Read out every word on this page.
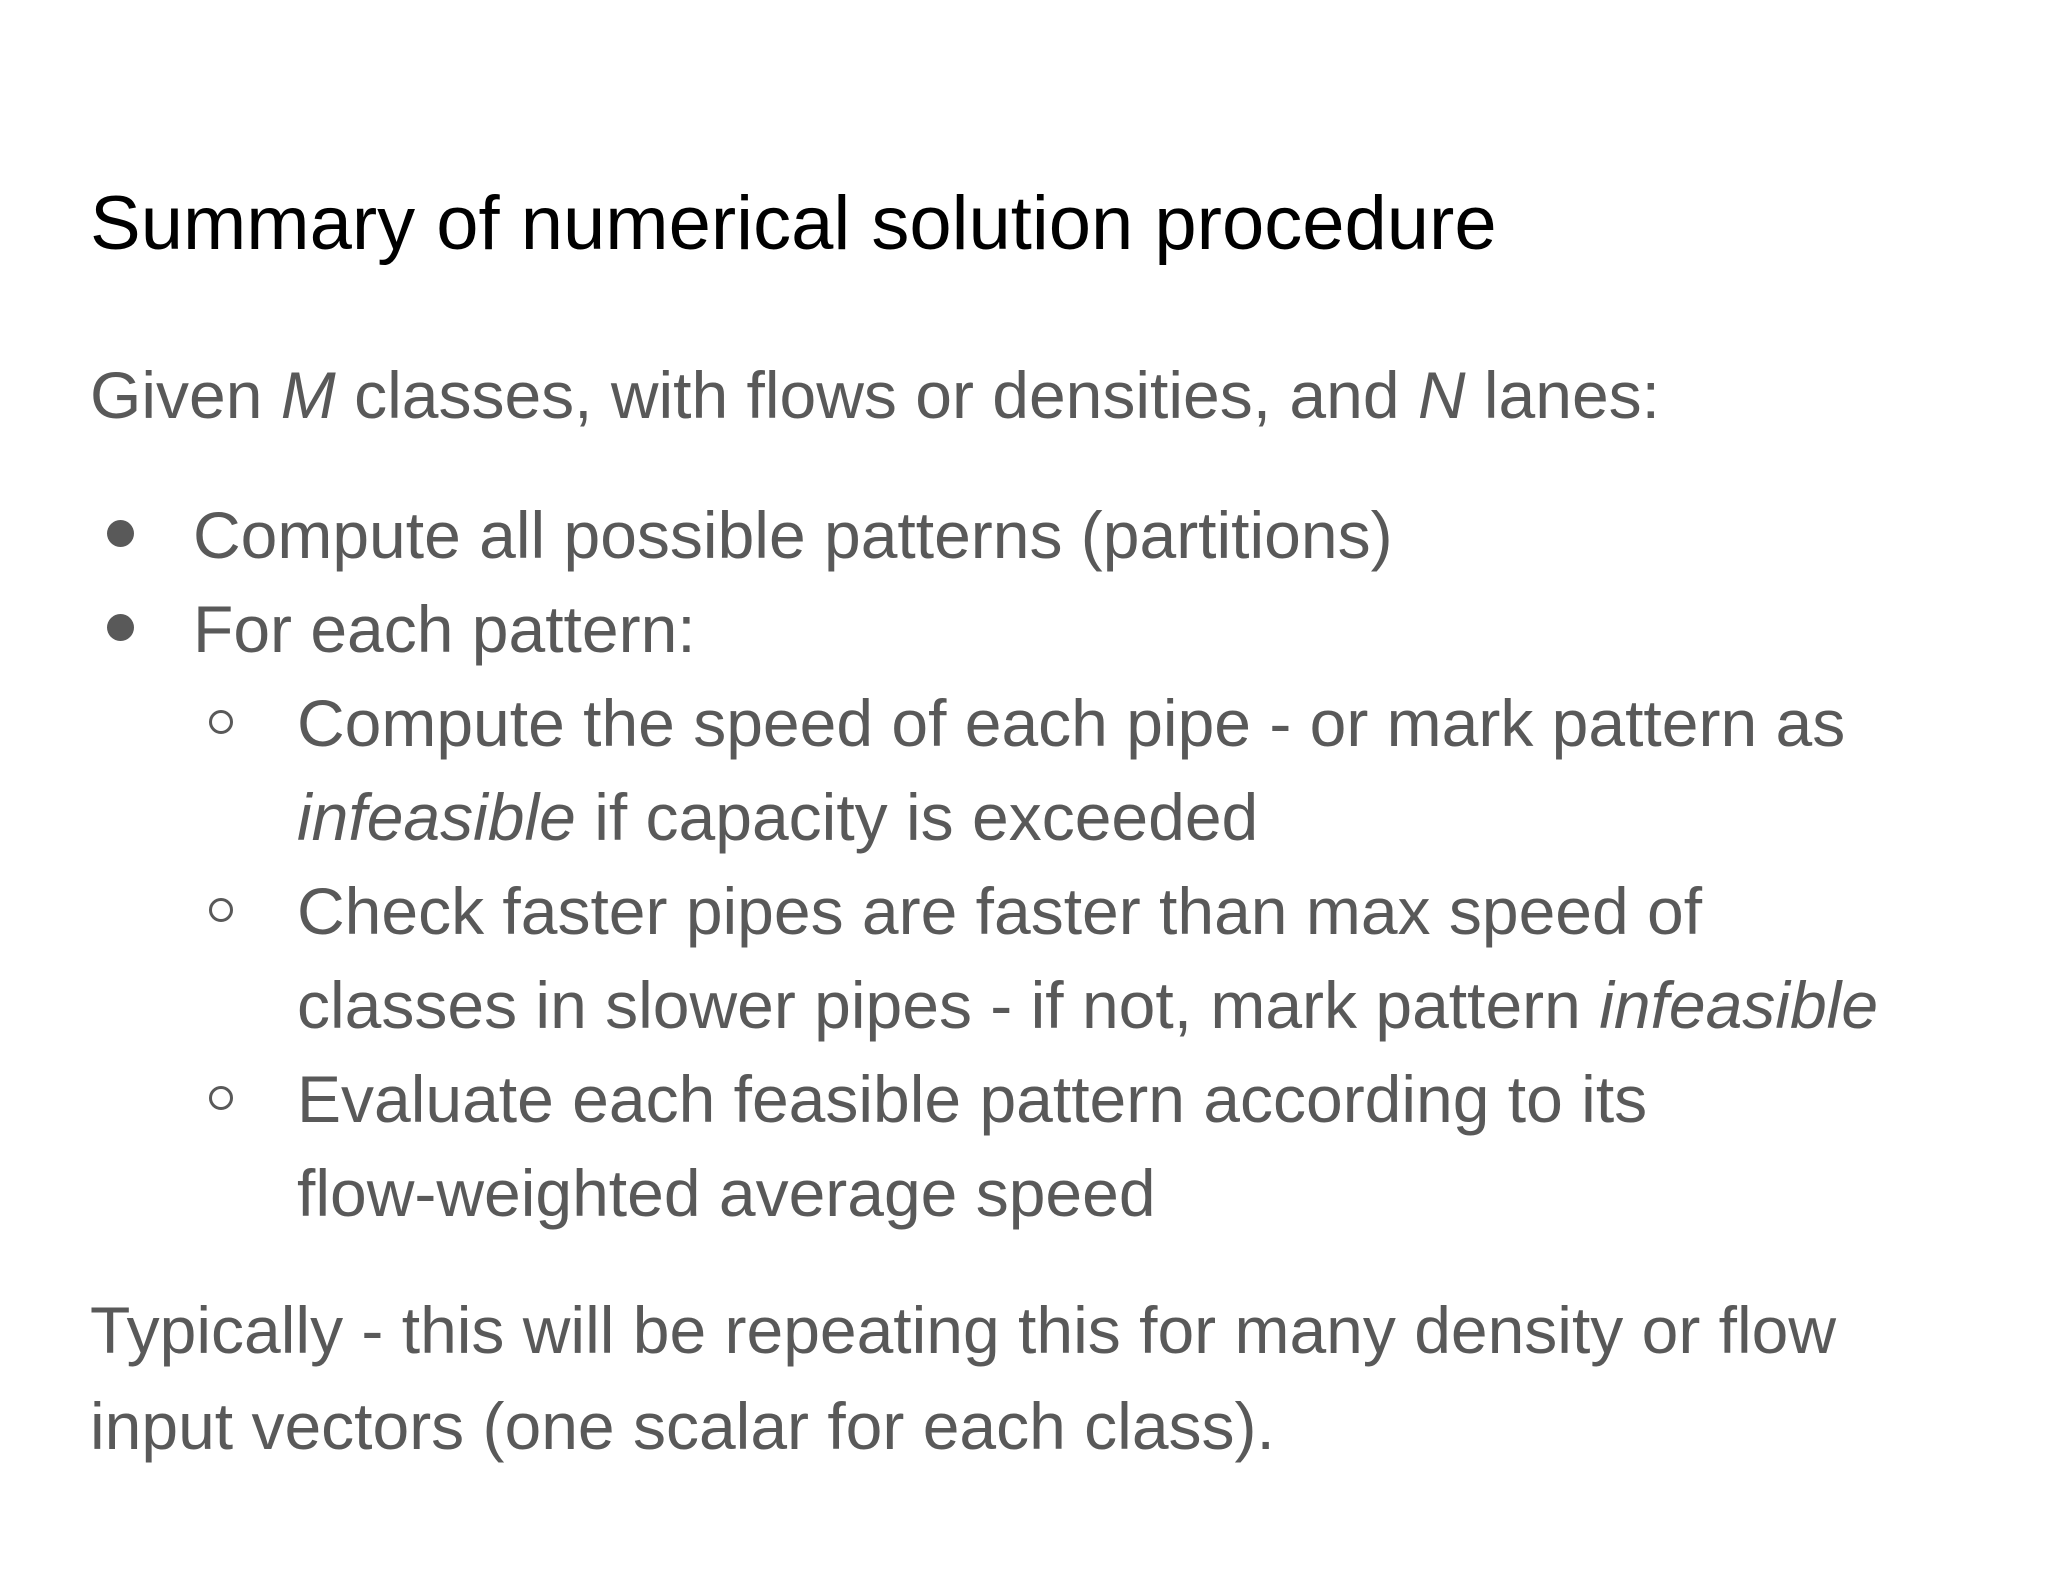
Summary of numerical solution procedure

Given M classes, with flows or densities, and N lanes:

Compute all possible patterns (partitions)
For each pattern:
Compute the speed of each pipe - or mark pattern as
infeasible if capacity is exceeded
Check faster pipes are faster than max speed of
classes in slower pipes - if not, mark pattern infeasible
Evaluate each feasible pattern according to its
flow-weighted average speed

Typically - this will be repeating this for many density or flow
input vectors (one scalar for each class).
